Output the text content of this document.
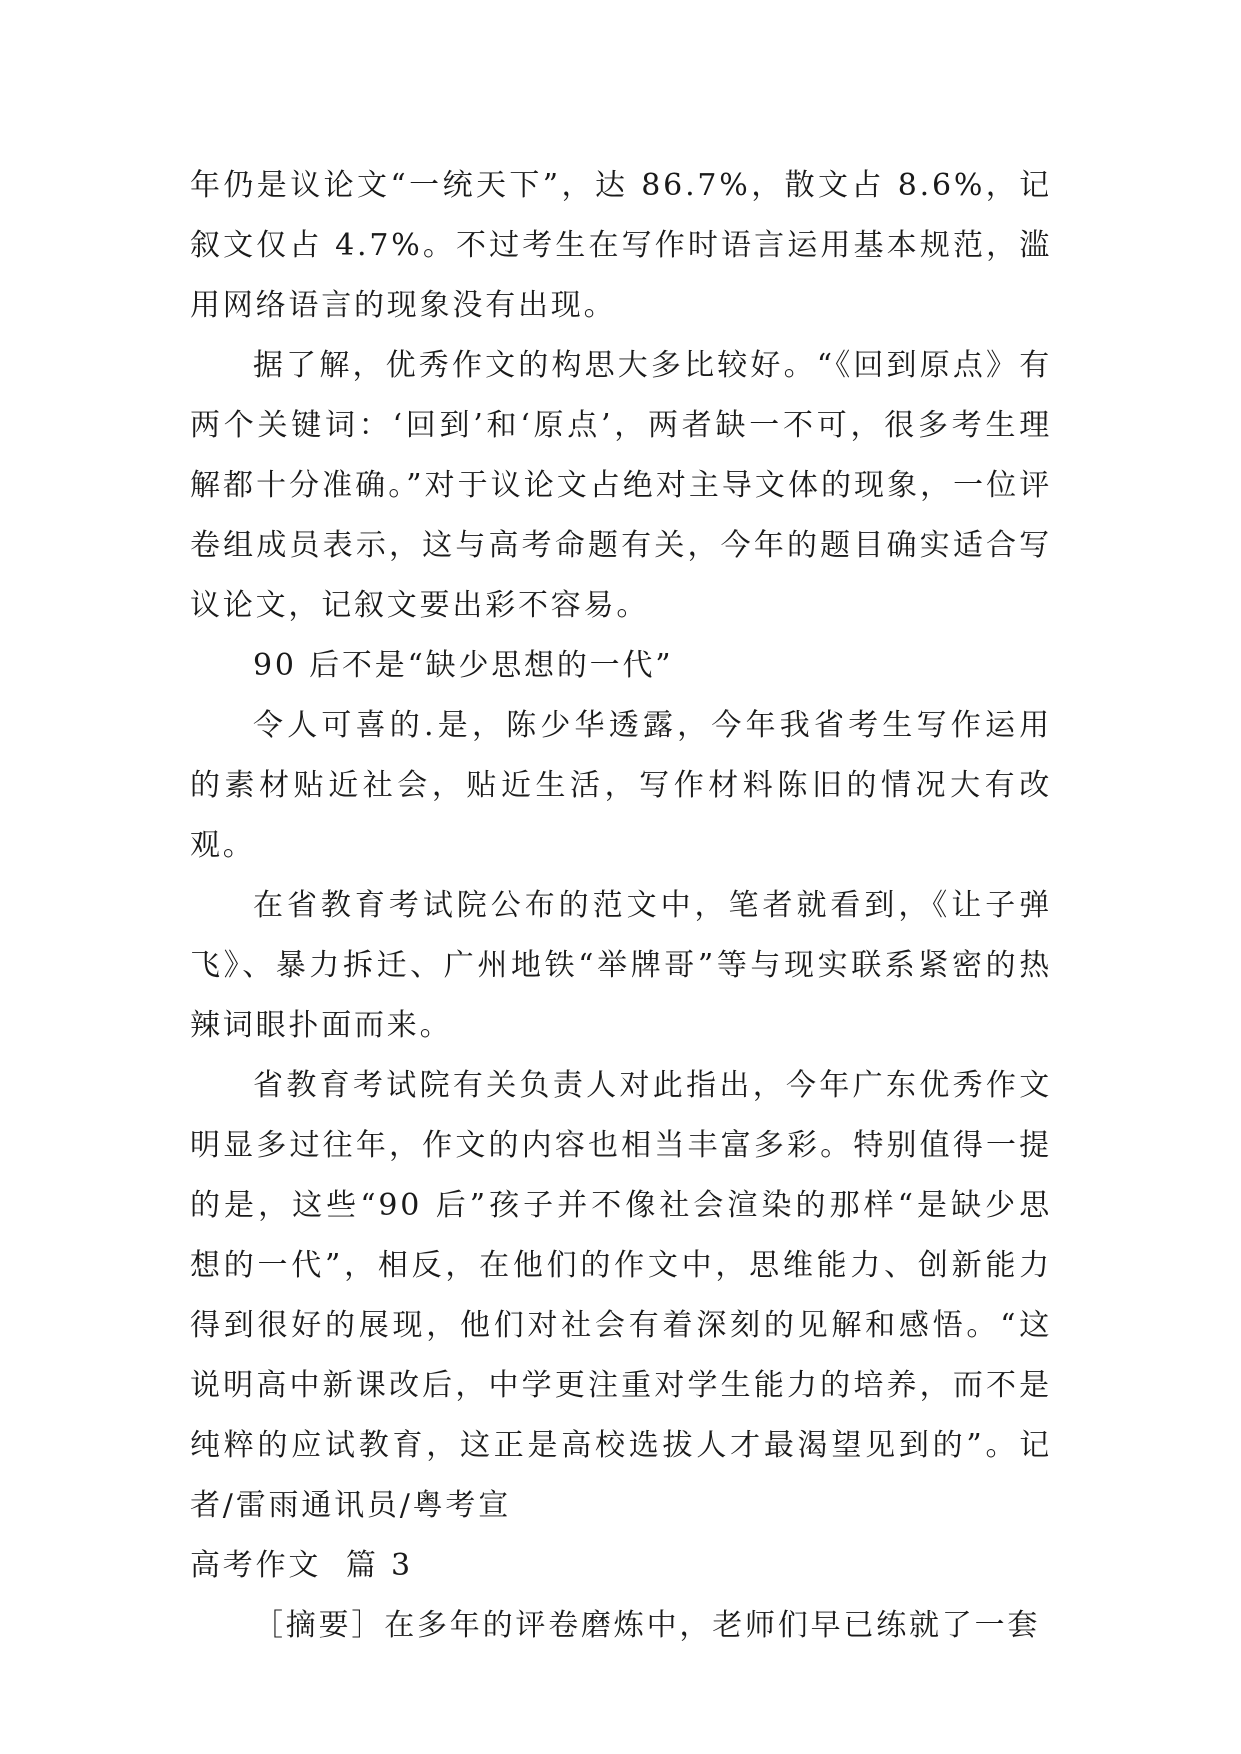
年仍是议论文“一统天下”，达 86.7%，散文占 8.6%，记叙文仅占 4.7%。不过考生在写作时语言运用基本规范，滥用网络语言的现象没有出现。

据了解，优秀作文的构思大多比较好。“《回到原点》有两个关键词：‘回到’和‘原点’，两者缺一不可，很多考生理解都十分准确。”对于议论文占绝对主导文体的现象，一位评卷组成员表示，这与高考命题有关，今年的题目确实适合写议论文，记叙文要出彩不容易。

90 后不是“缺少思想的一代”

令人可喜的.是，陈少华透露，今年我省考生写作运用的素材贴近社会，贴近生活，写作材料陈旧的情况大有改观。

在省教育考试院公布的范文中，笔者就看到，《让子弹飞》、暴力拆迁、广州地铁“举牌哥”等与现实联系紧密的热辣词眼扑面而来。

省教育考试院有关负责人对此指出，今年广东优秀作文明显多过往年，作文的内容也相当丰富多彩。特别值得一提的是，这些“90 后”孩子并不像社会渲染的那样“是缺少思想的一代”，相反，在他们的作文中，思维能力、创新能力得到很好的展现，他们对社会有着深刻的见解和感悟。“这说明高中新课改后，中学更注重对学生能力的培养，而不是纯粹的应试教育，这正是高校选拔人才最渴望见到的”。记者/雷雨通讯员/粤考宣

高考作文  篇 3

［摘要］在多年的评卷磨炼中，老师们早已练就了一套
